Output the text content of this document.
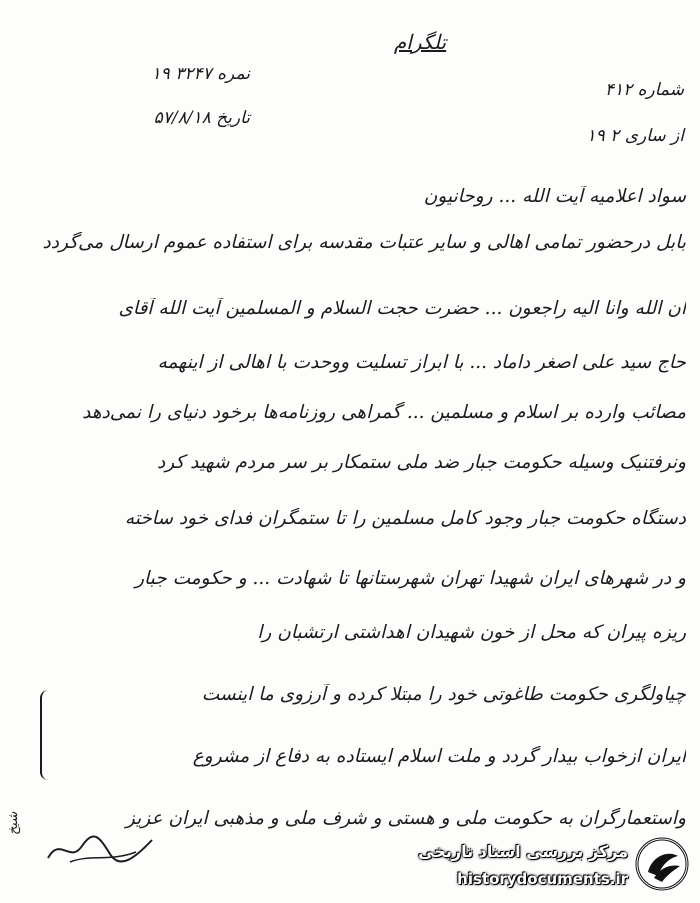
تلگرام
شماره ۴۱۲
از ساری ۲ ۱۹
نمره ۳۲۴۷ ۱۹
تاریخ ۵۷/۸/۱۸
سواد اعلامیه آیت الله ... روحانیون
بابل درحضور تمامی اهالی و سایر عتبات مقدسه برای استفاده عموم ارسال می‌گردد
ان الله وانا الیه راجعون ... حضرت حجت السلام و المسلمین آیت الله آقای
حاج سید علی اصغر داماد ... با ابراز تسلیت ووحدت با اهالی از اینهمه
مصائب وارده بر اسلام و مسلمین ... گمراهی روزنامه‌ها برخود دنیای را نمی‌دهد
ونرفتنیک وسیله حکومت جبار ضد ملی ستمکار بر سر مردم شهید کرد
دستگاه حکومت جبار وجود کامل مسلمین را تا ستمگران فدای خود ساخته
و در شهرهای ایران شهیدا تهران شهرستانها تا شهادت ... و حکومت جبار
ریزه پیران که محل از خون شهیدان اهداشتی ارتشبان را
چیاولگری حکومت طاغوتی خود را مبتلا کرده و آرزوی ما اینست
ایران ازخواب بیدار گردد و ملت اسلام ایستاده به دفاع از مشروع
واستعمارگران به حکومت ملی و هستی و شرف ملی و مذهبی ایران عزیز
شیخ
مرکز بررسی اسناد تاریخی
historydocuments.ir
